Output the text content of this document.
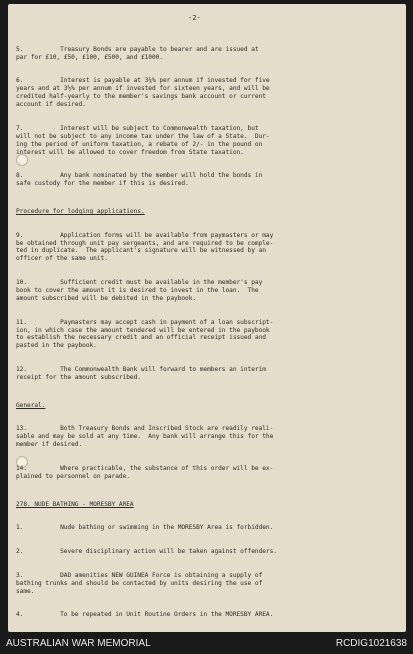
-2-

5.          Treasury Bonds are payable to bearer and are issued at
par for £10, £50, £100, £500, and £1000.

6.          Interest is payable at 3¼% per annum if invested for five
years and at 3½% per annum if invested for sixteen years, and will be
credited half-yearly to the member's savings bank account or current
account if desired.

7.          Interest will be subject to Commonwealth taxation, but
will not be subject to any income tax under the law of a State.  Dur-
ing the period of uniform taxation, a rebate of 2/- in the pound on
interest will be allowed to cover freedom from State taxation.

8.          Any bank nominated by the member will hold the bonds in
safe custody for the member if this is desired.

Procedure for lodging applications.

9.          Application forms will be available from paymasters or may
be obtained through unit pay sergeants, and are required to be comple-
ted in duplicate.  The applicant's signature will be witnessed by an
officer of the same unit.

10.         Sufficient credit must be available in the member's pay
book to cover the amount it is desired to invest in the loan.  The
amount subscribed will be debited in the paybook.

11.         Paymasters may accept cash in payment of a loan subscript-
ion, in which case the amount tendered will be entered in the paybook
to establish the necessary credit and an official receipt issued and
pasted in the paybook.

12.         The Commonwealth Bank will forward to members an interim
receipt for the amount subscribed.

General.

13.         Both Treasury Bonds and Inscribed Stock are readily reali-
sable and may be sold at any time.  Any bank will arrange this for the
member if desired.

14.         Where practicable, the substance of this order will be ex-
plained to personnel on parade.

278. NUDE BATHING - MORESBY AREA

1.          Nude bathing or swimming in the MORESBY Area is forbidden.

2.          Severe disciplinary action will be taken against offenders.

3.          DAD amenities NEW GUINEA Force is obtaining a supply of
bathing trunks and should be contacted by units desiring the use of
same.

4.          To be repeated in Unit Routine Orders in the MORESBY AREA.

AUSTRALIAN WAR MEMORIAL	RCDIG1021638
